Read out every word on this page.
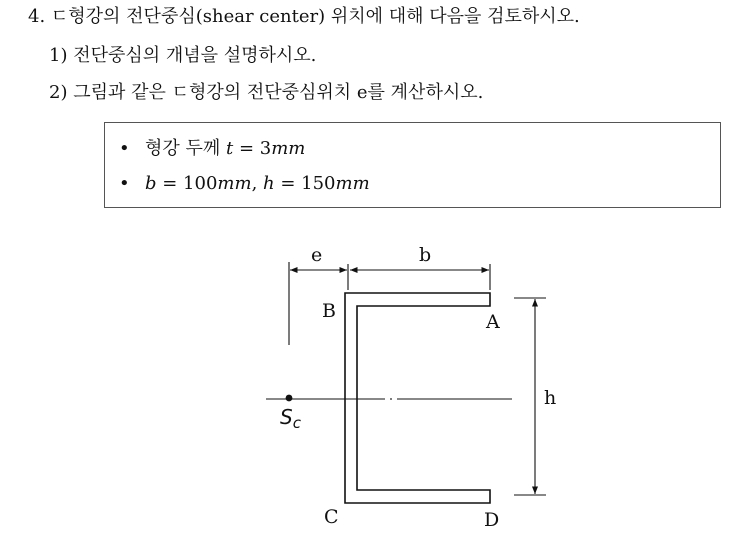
4. ㄷ형강의 전단중심(shear center) 위치에 대해 다음을 검토하시오.
1) 전단중심의 개념을 설명하시오.
2) 그림과 같은 ㄷ형강의 전단중심위치 e를 계산하시오.
• 형강 두께 t = 3mm
• b = 100mm, h = 150mm
e	b
h
B	A
C	D
$S_c$
